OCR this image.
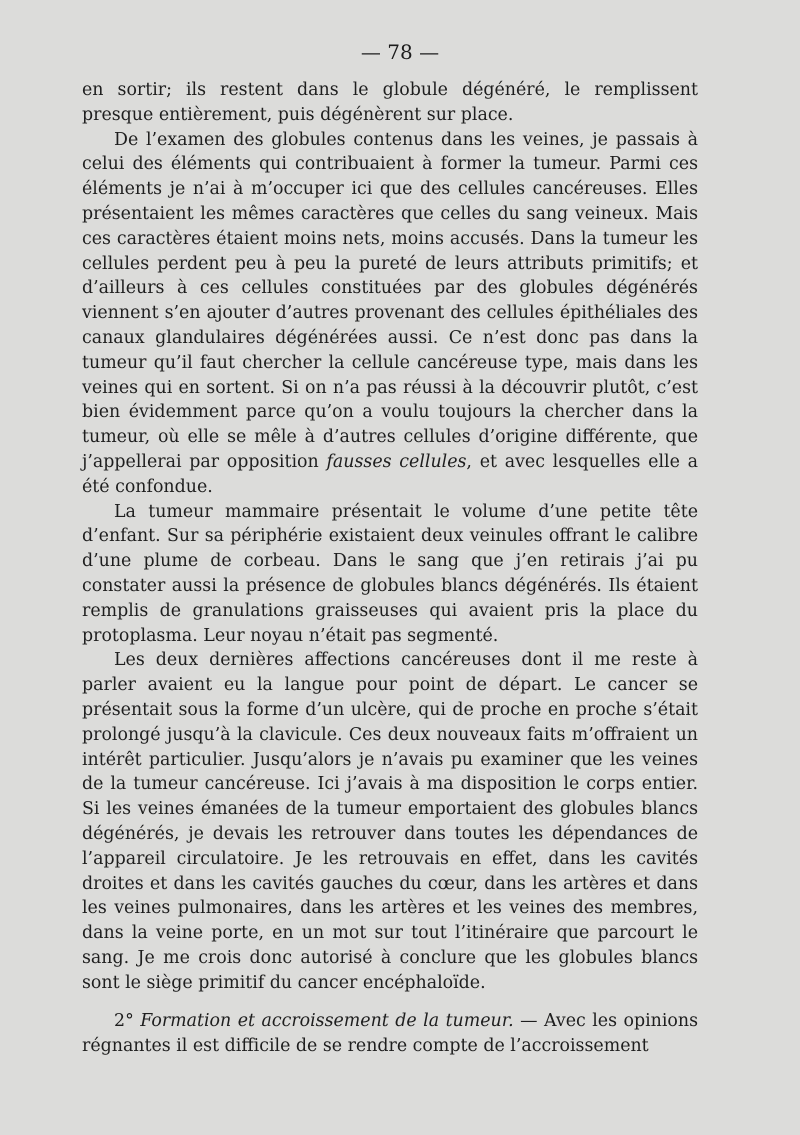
— 78 —

en sortir; ils restent dans le globule dégénéré, le remplissent presque entièrement, puis dégénèrent sur place.

De l’examen des globules contenus dans les veines, je passais à celui des éléments qui contribuaient à former la tumeur. Parmi ces éléments je n’ai à m’occuper ici que des cellules cancéreuses. Elles présentaient les mêmes caractères que celles du sang veineux. Mais ces caractères étaient moins nets, moins accusés. Dans la tumeur les cellules perdent peu à peu la pureté de leurs attributs primitifs; et d’ailleurs à ces cellules constituées par des globules dégénérés viennent s’en ajouter d’autres provenant des cellules épithéliales des canaux glandulaires dégénérées aussi. Ce n’est donc pas dans la tumeur qu’il faut chercher la cellule cancéreuse type, mais dans les veines qui en sortent. Si on n’a pas réussi à la découvrir plutôt, c’est bien évidemment parce qu’on a voulu toujours la chercher dans la tumeur, où elle se mêle à d’autres cellules d’origine différente, que j’appellerai par opposition fausses cellules, et avec lesquelles elle a été confondue.

La tumeur mammaire présentait le volume d’une petite tête d’enfant. Sur sa périphérie existaient deux veinules offrant le calibre d’une plume de corbeau. Dans le sang que j’en retirais j’ai pu constater aussi la présence de globules blancs dégénérés. Ils étaient remplis de granulations graisseuses qui avaient pris la place du protoplasma. Leur noyau n’était pas segmenté.

Les deux dernières affections cancéreuses dont il me reste à parler avaient eu la langue pour point de départ. Le cancer se présentait sous la forme d’un ulcère, qui de proche en proche s’était prolongé jusqu’à la clavicule. Ces deux nouveaux faits m’offraient un intérêt particulier. Jusqu’alors je n’avais pu examiner que les veines de la tumeur cancéreuse. Ici j’avais à ma disposition le corps entier. Si les veines émanées de la tumeur emportaient des globules blancs dégénérés, je devais les retrouver dans toutes les dépendances de l’appareil circulatoire. Je les retrouvais en effet, dans les cavités droites et dans les cavités gauches du cœur, dans les artères et dans les veines pulmonaires, dans les artères et les veines des membres, dans la veine porte, en un mot sur tout l’itinéraire que parcourt le sang. Je me crois donc autorisé à conclure que les globules blancs sont le siège primitif du cancer encéphaloïde.

2° Formation et accroissement de la tumeur. — Avec les opinions régnantes il est difficile de se rendre compte de l’accroissement
